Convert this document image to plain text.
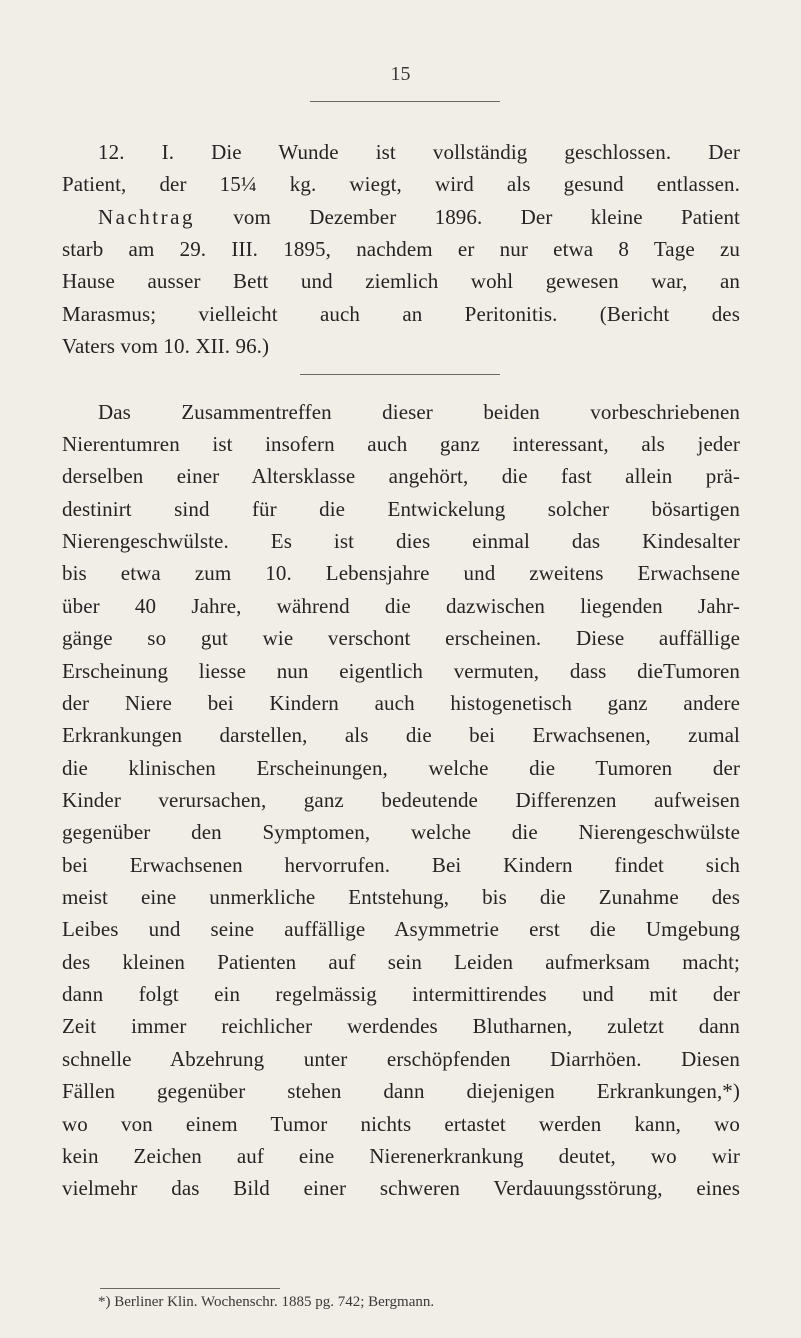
15
12. I. Die Wunde ist vollständig geschlossen. Der
Patient, der 15¼ kg. wiegt, wird als gesund entlassen.
Nachtrag vom Dezember 1896. Der kleine Patient
starb am 29. III. 1895, nachdem er nur etwa 8 Tage zu
Hause ausser Bett und ziemlich wohl gewesen war, an
Marasmus; vielleicht auch an Peritonitis. (Bericht des
Vaters vom 10. XII. 96.)
Das Zusammentreffen dieser beiden vorbeschriebenen
Nierentumren ist insofern auch ganz interessant, als jeder
derselben einer Altersklasse angehört, die fast allein prä-
destinirt sind für die Entwickelung solcher bösartigen
Nierengeschwülste. Es ist dies einmal das Kindesalter
bis etwa zum 10. Lebensjahre und zweitens Erwachsene
über 40 Jahre, während die dazwischen liegenden Jahr-
gänge so gut wie verschont erscheinen. Diese auffällige
Erscheinung liesse nun eigentlich vermuten, dass dieTumoren
der Niere bei Kindern auch histogenetisch ganz andere
Erkrankungen darstellen, als die bei Erwachsenen, zumal
die klinischen Erscheinungen, welche die Tumoren der
Kinder verursachen, ganz bedeutende Differenzen aufweisen
gegenüber den Symptomen, welche die Nierengeschwülste
bei Erwachsenen hervorrufen. Bei Kindern findet sich
meist eine unmerkliche Entstehung, bis die Zunahme des
Leibes und seine auffällige Asymmetrie erst die Umgebung
des kleinen Patienten auf sein Leiden aufmerksam macht;
dann folgt ein regelmässig intermittirendes und mit der
Zeit immer reichlicher werdendes Blutharnen, zuletzt dann
schnelle Abzehrung unter erschöpfenden Diarrhöen. Diesen
Fällen gegenüber stehen dann diejenigen Erkrankungen,*)
wo von einem Tumor nichts ertastet werden kann, wo
kein Zeichen auf eine Nierenerkrankung deutet, wo wir
vielmehr das Bild einer schweren Verdauungsstörung, eines
*) Berliner Klin. Wochenschr. 1885 pg. 742; Bergmann.
